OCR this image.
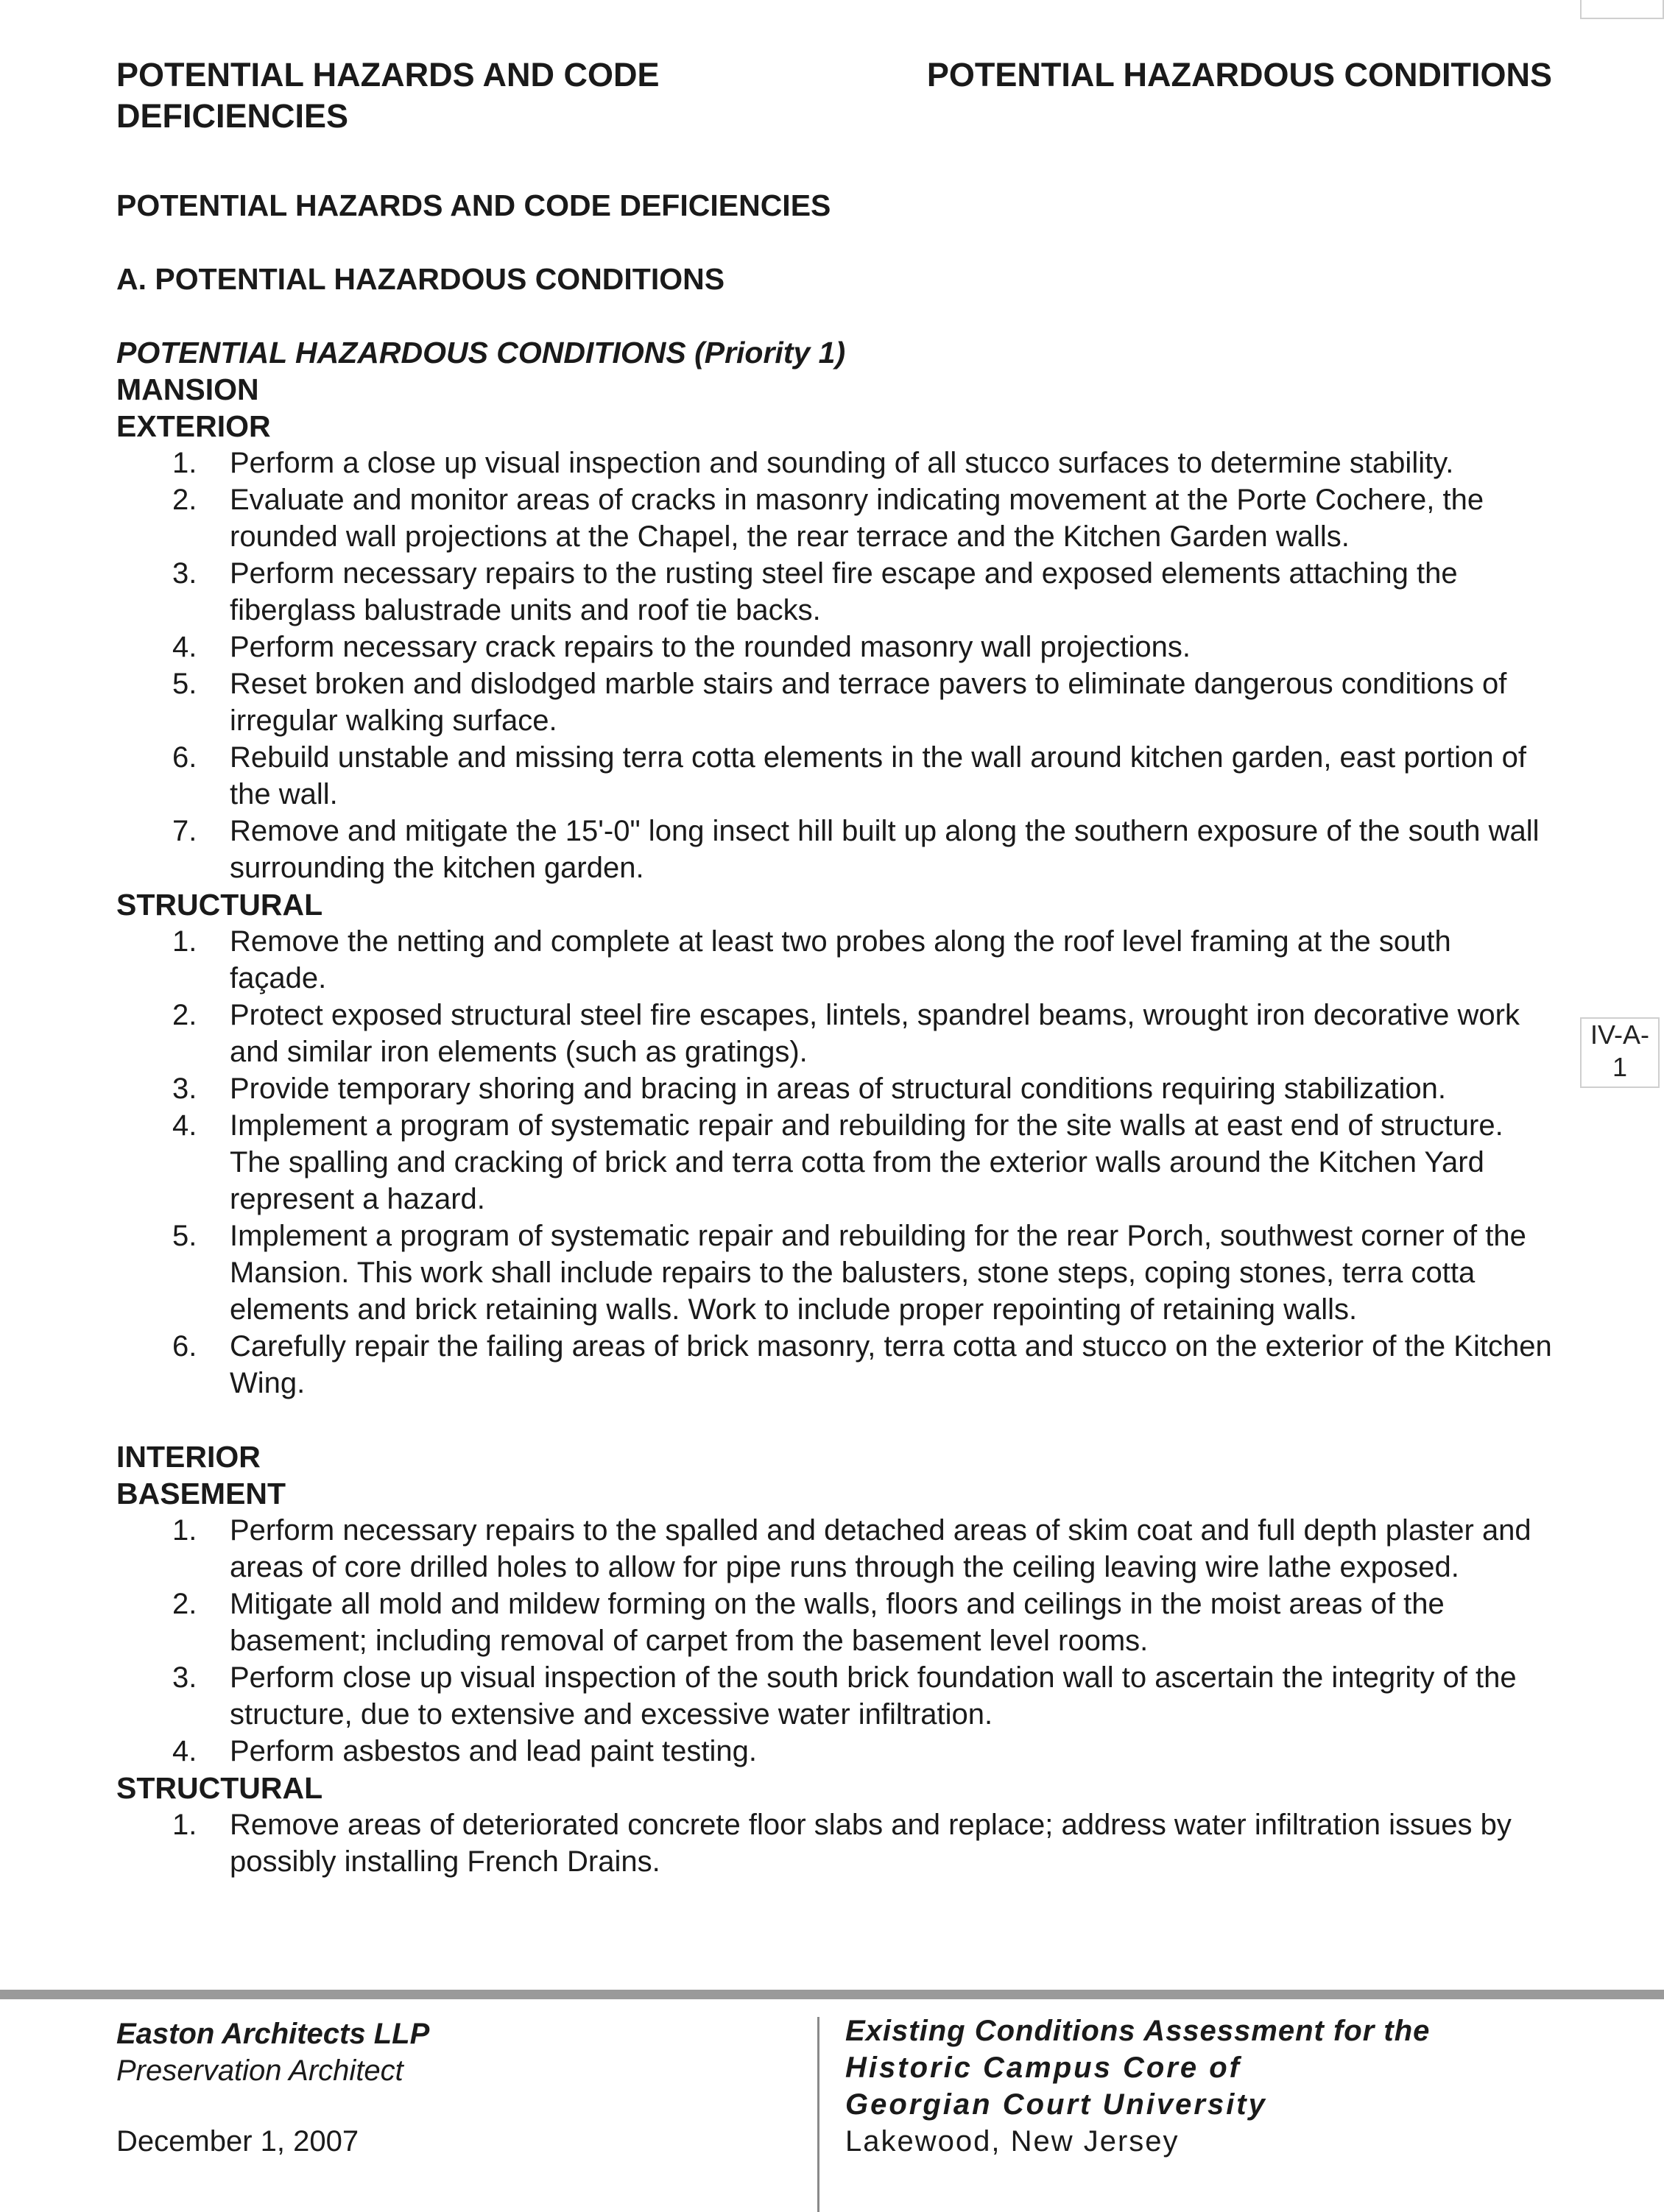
POTENTIAL HAZARDS AND CODE DEFICIENCIES
POTENTIAL HAZARDOUS CONDITIONS

POTENTIAL HAZARDS AND CODE DEFICIENCIES

A. POTENTIAL HAZARDOUS CONDITIONS

POTENTIAL HAZARDOUS CONDITIONS (Priority 1)

MANSION

EXTERIOR

1. Perform a close up visual inspection and sounding of all stucco surfaces to determine stability.
2. Evaluate and monitor areas of cracks in masonry indicating movement at the Porte Cochere, the rounded wall projections at the Chapel, the rear terrace and the Kitchen Garden walls.
3. Perform necessary repairs to the rusting steel fire escape and exposed elements attaching the fiberglass balustrade units and roof tie backs.
4. Perform necessary crack repairs to the rounded masonry wall projections.
5. Reset broken and dislodged marble stairs and terrace pavers to eliminate dangerous conditions of irregular walking surface.
6. Rebuild unstable and missing terra cotta elements in the wall around kitchen garden, east portion of the wall.
7. Remove and mitigate the 15'-0" long insect hill built up along the southern exposure of the south wall surrounding the kitchen garden.

STRUCTURAL

1. Remove the netting and complete at least two probes along the roof level framing at the south façade.
2. Protect exposed structural steel fire escapes, lintels, spandrel beams, wrought iron decorative work and similar iron elements (such as gratings).
3. Provide temporary shoring and bracing in areas of structural conditions requiring stabilization.
4. Implement a program of systematic repair and rebuilding for the site walls at east end of structure. The spalling and cracking of brick and terra cotta from the exterior walls around the Kitchen Yard represent a hazard.
5. Implement a program of systematic repair and rebuilding for the rear Porch, southwest corner of the Mansion. This work shall include repairs to the balusters, stone steps, coping stones, terra cotta elements and brick retaining walls. Work to include proper repointing of retaining walls.
6. Carefully repair the failing areas of brick masonry, terra cotta and stucco on the exterior of the Kitchen Wing.

INTERIOR

BASEMENT

1. Perform necessary repairs to the spalled and detached areas of skim coat and full depth plaster and areas of core drilled holes to allow for pipe runs through the ceiling leaving wire lathe exposed.
2. Mitigate all mold and mildew forming on the walls, floors and ceilings in the moist areas of the basement; including removal of carpet from the basement level rooms.
3. Perform close up visual inspection of the south brick foundation wall to ascertain the integrity of the structure, due to extensive and excessive water infiltration.
4. Perform asbestos and lead paint testing.

STRUCTURAL

1. Remove areas of deteriorated concrete floor slabs and replace; address water infiltration issues by possibly installing French Drains.
IV-A-
1
Easton Architects LLP
Preservation Architect
December 1, 2007
Existing Conditions Assessment for the
Historic Campus Core of
Georgian Court University
Lakewood, New Jersey
